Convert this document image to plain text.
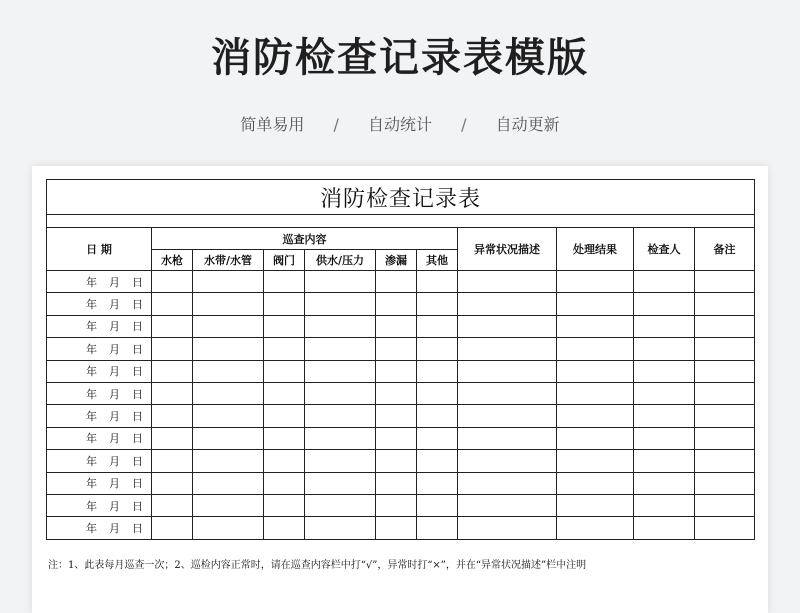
消防检查记录表模版
简单易用 / 自动统计 / 自动更新
消防检查记录表										

日 期	巡查内容						异常状况描述	处理结果	检查人	备注
	水枪	水带/水管	阀门	供水/压力	渗漏	其他				
年 月 日										
年 月 日										
年 月 日										
年 月 日										
年 月 日										
年 月 日										
年 月 日										
年 月 日										
年 月 日										
年 月 日										
年 月 日										
年 月 日										
注：1、此表每月巡查一次；2、巡检内容正常时，请在巡查内容栏中打“√”，异常时打“×”，并在“异常状况描述”栏中注明
